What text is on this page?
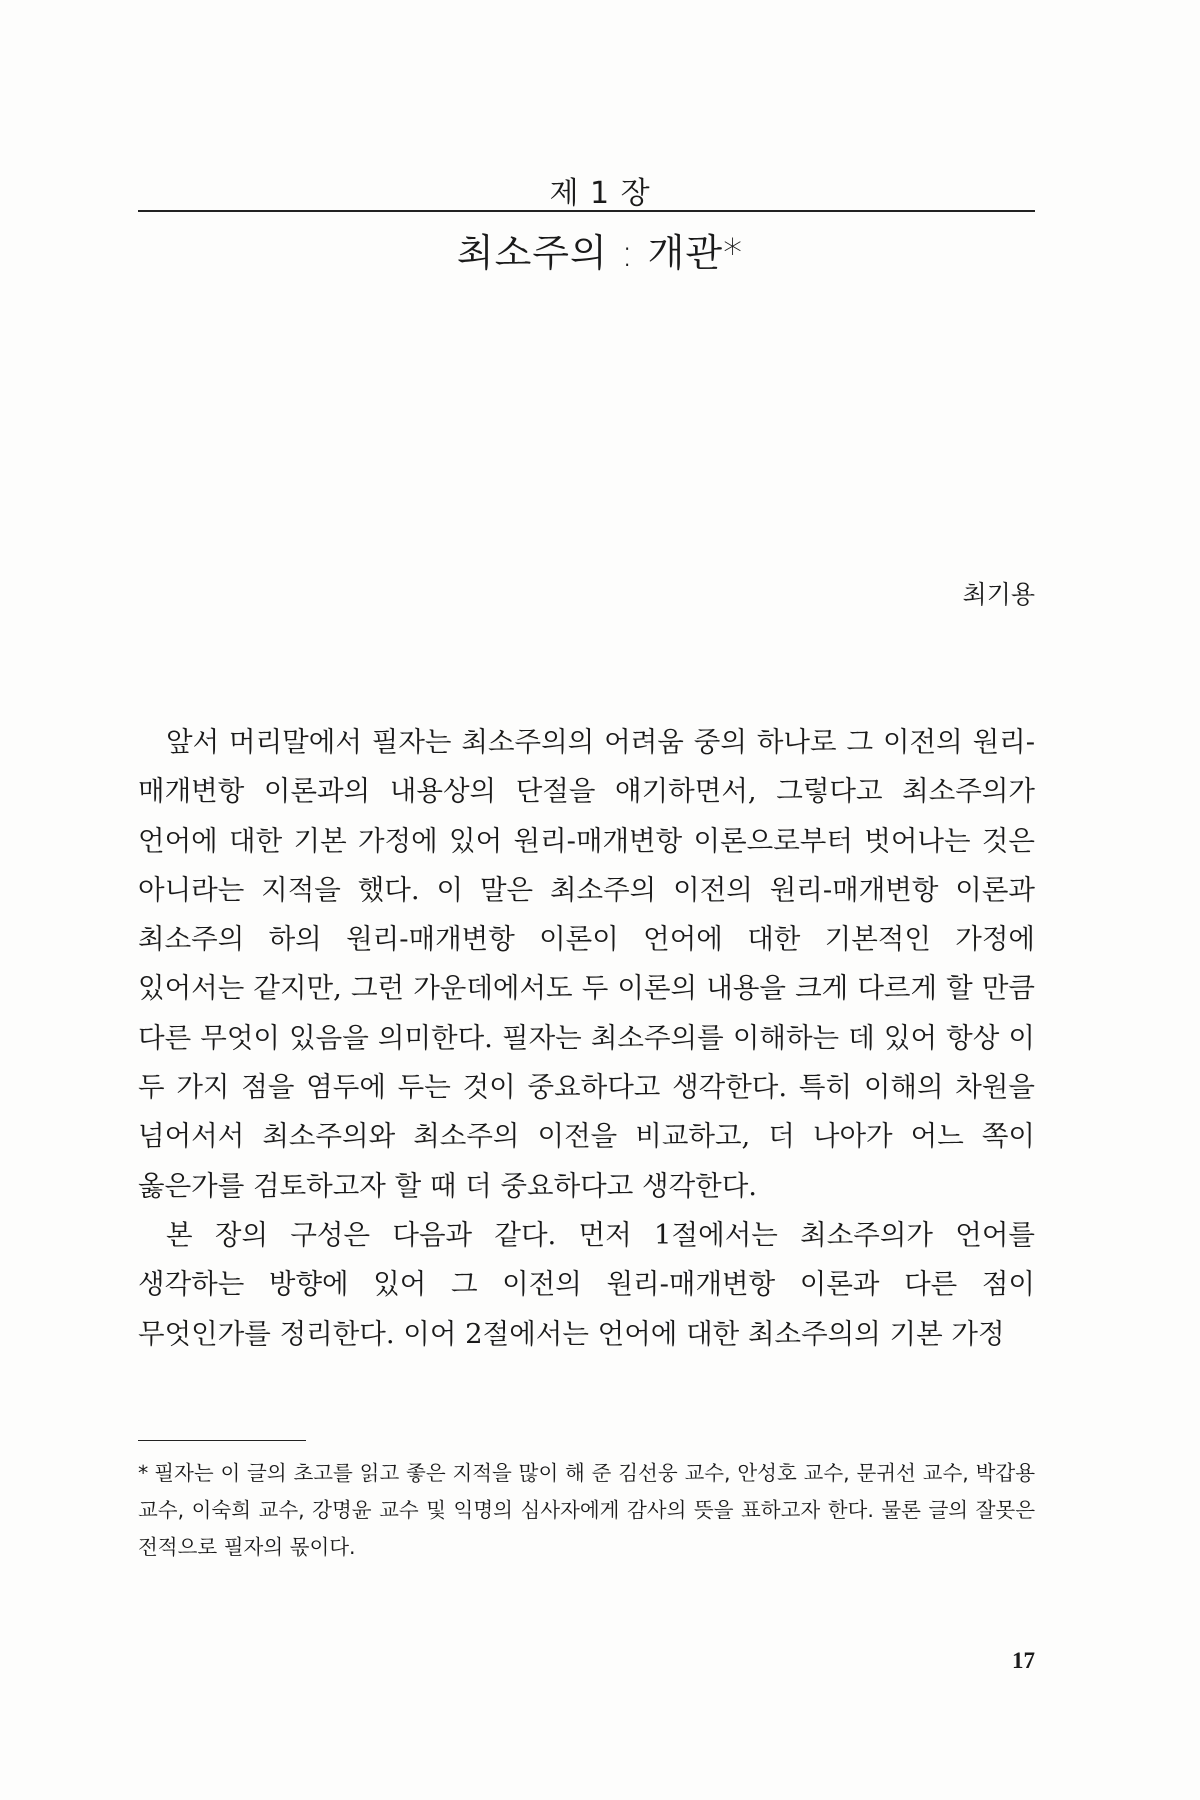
제 1 장
최소주의 : 개관*
최기용

앞서 머리말에서 필자는 최소주의의 어려움 중의 하나로 그 이전의 원리-매개변항 이론과의 내용상의 단절을 얘기하면서, 그렇다고 최소주의가 언어에 대한 기본 가정에 있어 원리-매개변항 이론으로부터 벗어나는 것은 아니라는 지적을 했다. 이 말은 최소주의 이전의 원리-매개변항 이론과 최소주의 하의 원리-매개변항 이론이 언어에 대한 기본적인 가정에 있어서는 같지만, 그런 가운데에서도 두 이론의 내용을 크게 다르게 할 만큼 다른 무엇이 있음을 의미한다. 필자는 최소주의를 이해하는 데 있어 항상 이 두 가지 점을 염두에 두는 것이 중요하다고 생각한다. 특히 이해의 차원을 넘어서서 최소주의와 최소주의 이전을 비교하고, 더 나아가 어느 쪽이 옳은가를 검토하고자 할 때 더 중요하다고 생각한다.

본 장의 구성은 다음과 같다. 먼저 1절에서는 최소주의가 언어를 생각하는 방향에 있어 그 이전의 원리-매개변항 이론과 다른 점이 무엇인가를 정리한다. 이어 2절에서는 언어에 대한 최소주의의 기본 가정

* 필자는 이 글의 초고를 읽고 좋은 지적을 많이 해 준 김선웅 교수, 안성호 교수, 문귀선 교수, 박갑용 교수, 이숙희 교수, 강명윤 교수 및 익명의 심사자에게 감사의 뜻을 표하고자 한다. 물론 글의 잘못은 전적으로 필자의 몫이다.
17
